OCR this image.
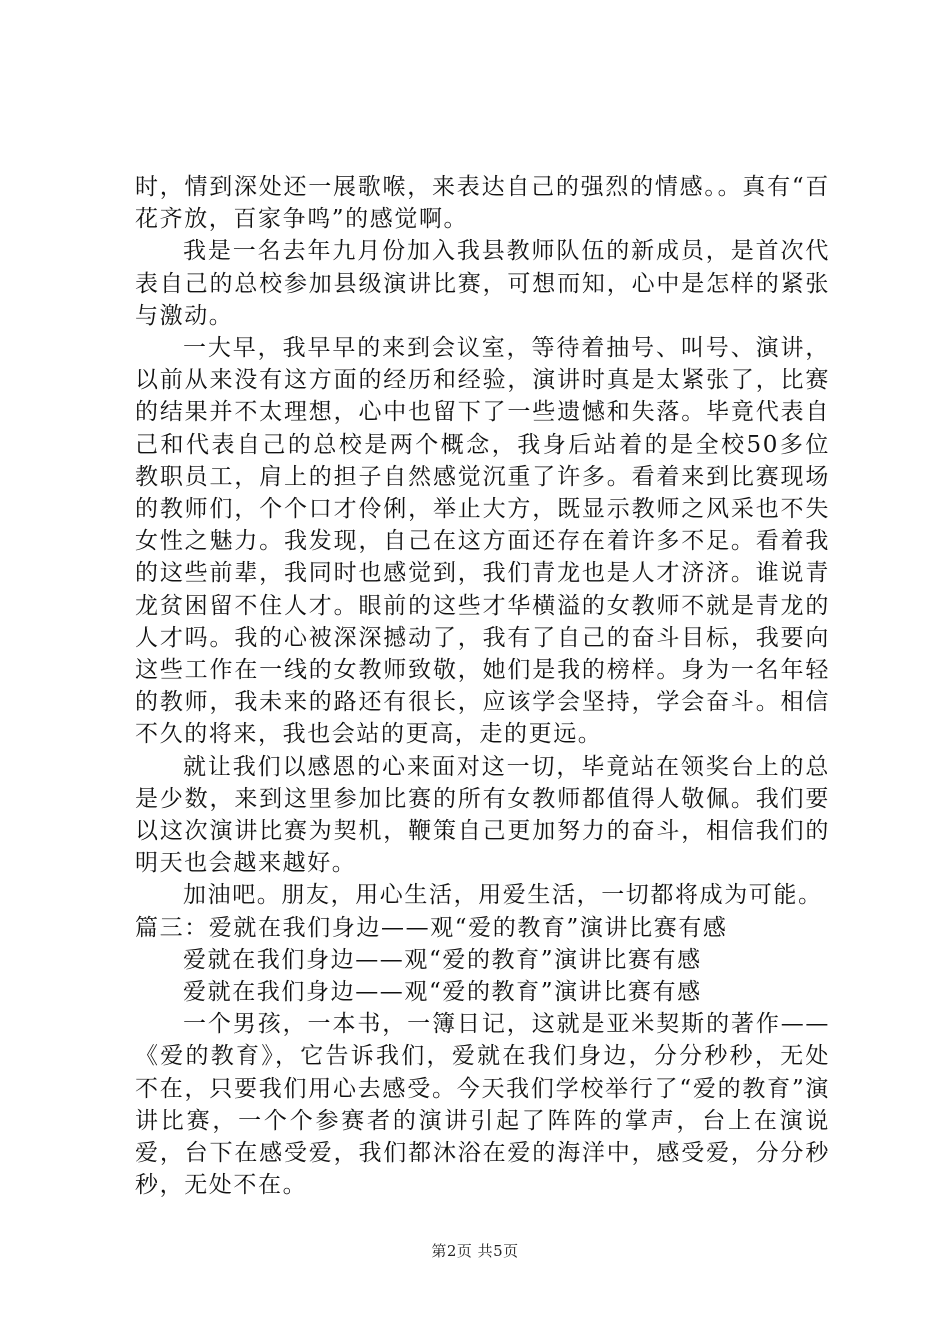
时，情到深处还一展歌喉，来表达自己的强烈的情感。。真有“百花齐放，百家争鸣”的感觉啊。

我是一名去年九月份加入我县教师队伍的新成员，是首次代表自己的总校参加县级演讲比赛，可想而知，心中是怎样的紧张与激动。

一大早，我早早的来到会议室，等待着抽号、叫号、演讲，以前从来没有这方面的经历和经验，演讲时真是太紧张了，比赛的结果并不太理想，心中也留下了一些遗憾和失落。毕竟代表自己和代表自己的总校是两个概念，我身后站着的是全校50多位教职员工，肩上的担子自然感觉沉重了许多。看着来到比赛现场的教师们，个个口才伶俐，举止大方，既显示教师之风采也不失女性之魅力。我发现，自己在这方面还存在着许多不足。看着我的这些前辈，我同时也感觉到，我们青龙也是人才济济。谁说青龙贫困留不住人才。眼前的这些才华横溢的女教师不就是青龙的人才吗。我的心被深深撼动了，我有了自己的奋斗目标，我要向这些工作在一线的女教师致敬，她们是我的榜样。身为一名年轻的教师，我未来的路还有很长，应该学会坚持，学会奋斗。相信不久的将来，我也会站的更高，走的更远。

就让我们以感恩的心来面对这一切，毕竟站在领奖台上的总是少数，来到这里参加比赛的所有女教师都值得人敬佩。我们要以这次演讲比赛为契机，鞭策自己更加努力的奋斗，相信我们的明天也会越来越好。

加油吧。朋友，用心生活，用爱生活，一切都将成为可能。

篇三：爱就在我们身边——观“爱的教育”演讲比赛有感

爱就在我们身边——观“爱的教育”演讲比赛有感

爱就在我们身边——观“爱的教育”演讲比赛有感

一个男孩，一本书，一簿日记，这就是亚米契斯的著作——《爱的教育》，它告诉我们，爱就在我们身边，分分秒秒，无处不在，只要我们用心去感受。今天我们学校举行了“爱的教育”演讲比赛，一个个参赛者的演讲引起了阵阵的掌声，台上在演说爱，台下在感受爱，我们都沐浴在爱的海洋中，感受爱，分分秒秒，无处不在。

第2页 共5页
